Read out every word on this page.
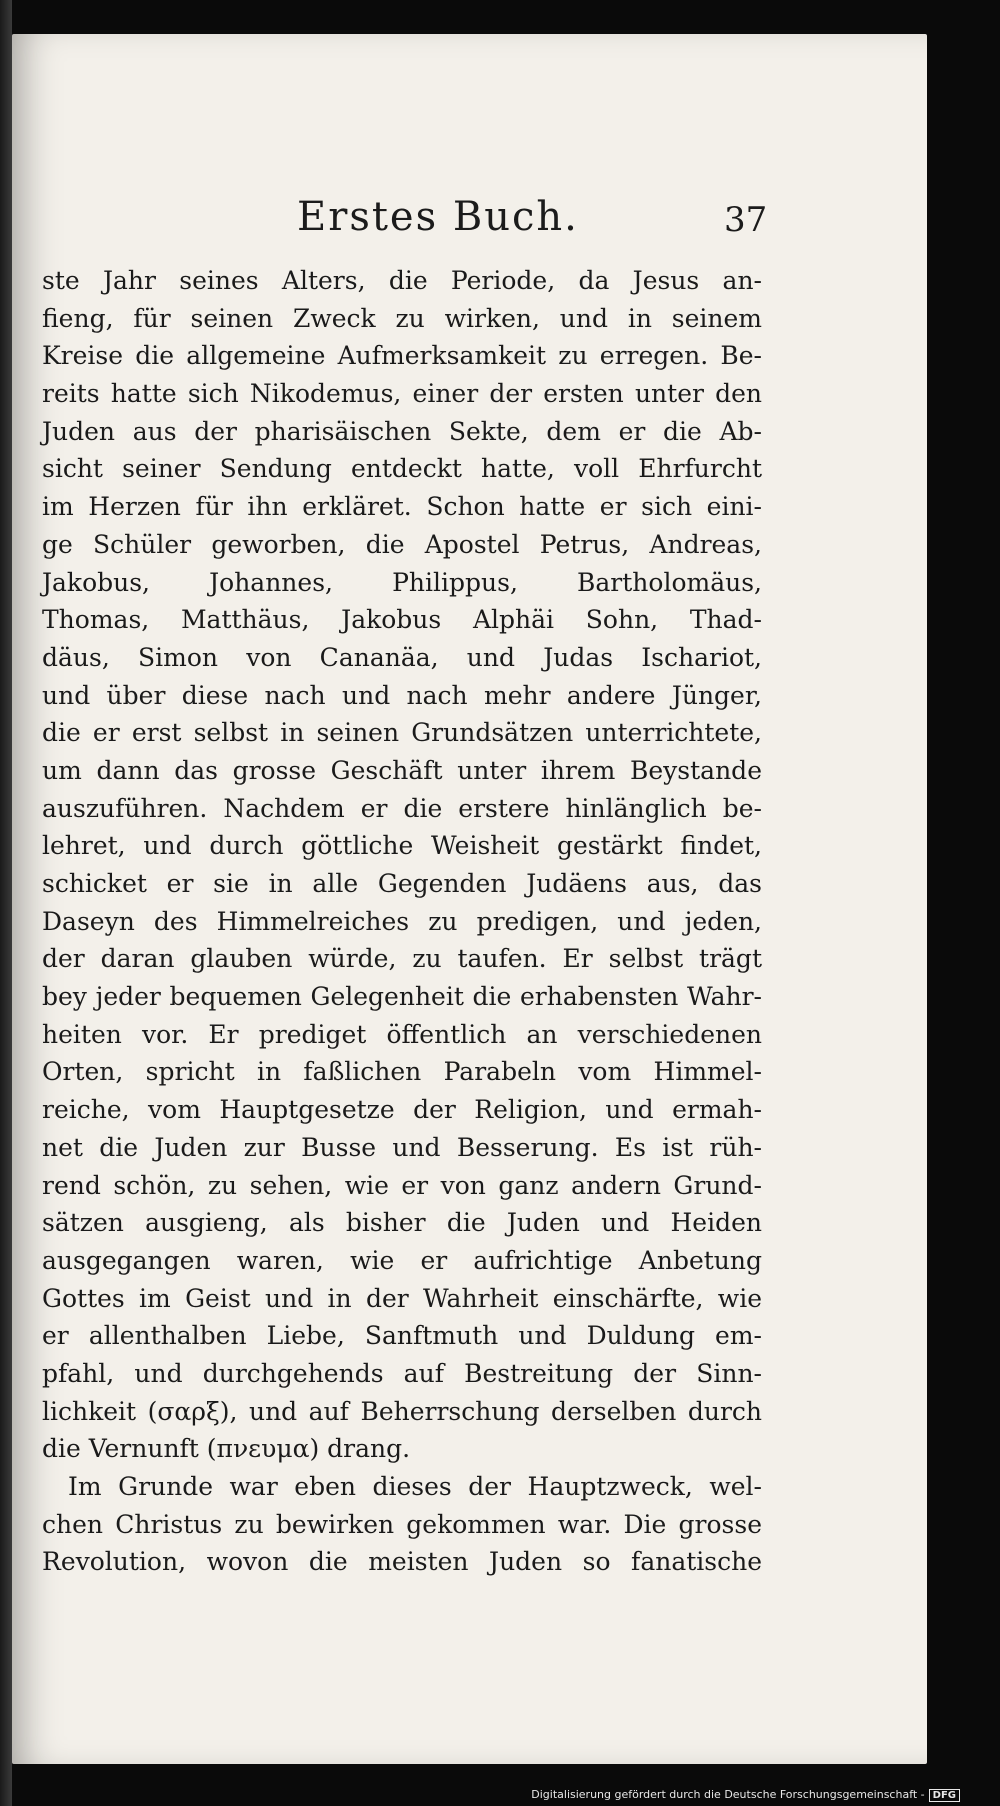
Erstes Buch.	37
ste Jahr seines Alters, die Periode, da Jesus an-
fieng, für seinen Zweck zu wirken, und in seinem
Kreise die allgemeine Aufmerksamkeit zu erregen. Be-
reits hatte sich Nikodemus, einer der ersten unter den
Juden aus der pharisäischen Sekte, dem er die Ab-
sicht seiner Sendung entdeckt hatte, voll Ehrfurcht
im Herzen für ihn erkläret. Schon hatte er sich eini-
ge Schüler geworben, die Apostel Petrus, Andreas,
Jakobus, Johannes, Philippus, Bartholomäus,
Thomas, Matthäus, Jakobus Alphäi Sohn, Thad-
däus, Simon von Cananäa, und Judas Ischariot,
und über diese nach und nach mehr andere Jünger,
die er erst selbst in seinen Grundsätzen unterrichtete,
um dann das grosse Geschäft unter ihrem Beystande
auszuführen. Nachdem er die erstere hinlänglich be-
lehret, und durch göttliche Weisheit gestärkt findet,
schicket er sie in alle Gegenden Judäens aus, das
Daseyn des Himmelreiches zu predigen, und jeden,
der daran glauben würde, zu taufen. Er selbst trägt
bey jeder bequemen Gelegenheit die erhabensten Wahr-
heiten vor. Er prediget öffentlich an verschiedenen
Orten, spricht in faßlichen Parabeln vom Himmel-
reiche, vom Hauptgesetze der Religion, und ermah-
net die Juden zur Busse und Besserung. Es ist rüh-
rend schön, zu sehen, wie er von ganz andern Grund-
sätzen ausgieng, als bisher die Juden und Heiden
ausgegangen waren, wie er aufrichtige Anbetung
Gottes im Geist und in der Wahrheit einschärfte, wie
er allenthalben Liebe, Sanftmuth und Duldung em-
pfahl, und durchgehends auf Bestreitung der Sinn-
lichkeit (σαρξ), und auf Beherrschung derselben durch
die Vernunft (πνευμα) drang.
Im Grunde war eben dieses der Hauptzweck, wel-
chen Christus zu bewirken gekommen war. Die grosse
Revolution, wovon die meisten Juden so fanatische
Digitalisierung gefördert durch die Deutsche Forschungsgemeinschaft - DFG
